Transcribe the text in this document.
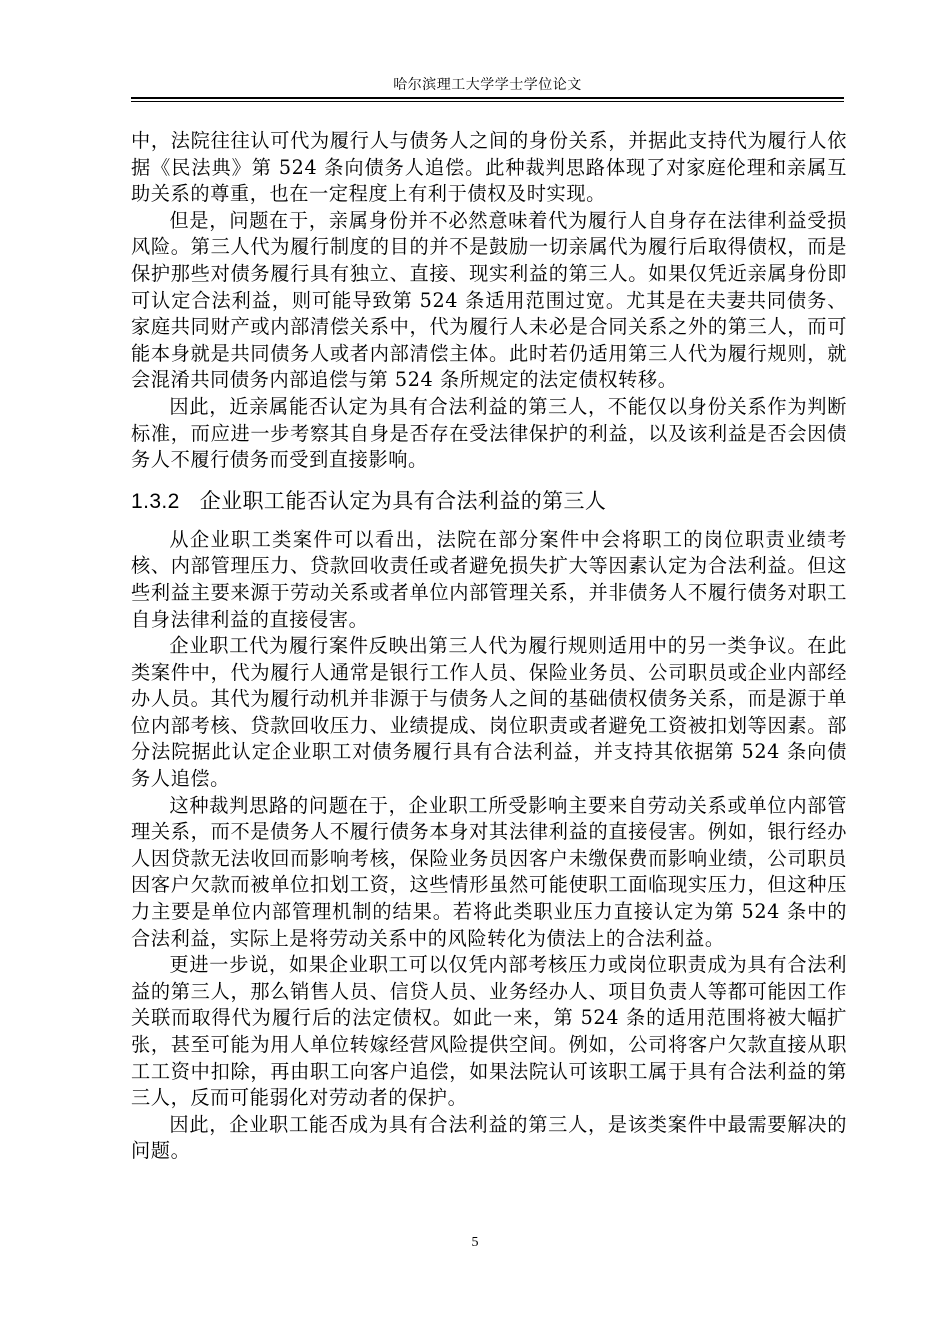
哈尔滨理工大学学士学位论文

中，法院往往认可代为履行人与债务人之间的身份关系，并据此支持代为履行人依据《民法典》第 524 条向债务人追偿。此种裁判思路体现了对家庭伦理和亲属互助关系的尊重，也在一定程度上有利于债权及时实现。

但是，问题在于，亲属身份并不必然意味着代为履行人自身存在法律利益受损风险。第三人代为履行制度的目的并不是鼓励一切亲属代为履行后取得债权，而是保护那些对债务履行具有独立、直接、现实利益的第三人。如果仅凭近亲属身份即可认定合法利益，则可能导致第 524 条适用范围过宽。尤其是在夫妻共同债务、家庭共同财产或内部清偿关系中，代为履行人未必是合同关系之外的第三人，而可能本身就是共同债务人或者内部清偿主体。此时若仍适用第三人代为履行规则，就会混淆共同债务内部追偿与第 524 条所规定的法定债权转移。

因此，近亲属能否认定为具有合法利益的第三人，不能仅以身份关系作为判断标准，而应进一步考察其自身是否存在受法律保护的利益，以及该利益是否会因债务人不履行债务而受到直接影响。

1.3.2 企业职工能否认定为具有合法利益的第三人

从企业职工类案件可以看出，法院在部分案件中会将职工的岗位职责业绩考核、内部管理压力、贷款回收责任或者避免损失扩大等因素认定为合法利益。但这些利益主要来源于劳动关系或者单位内部管理关系，并非债务人不履行债务对职工自身法律利益的直接侵害。

企业职工代为履行案件反映出第三人代为履行规则适用中的另一类争议。在此类案件中，代为履行人通常是银行工作人员、保险业务员、公司职员或企业内部经办人员。其代为履行动机并非源于与债务人之间的基础债权债务关系，而是源于单位内部考核、贷款回收压力、业绩提成、岗位职责或者避免工资被扣划等因素。部分法院据此认定企业职工对债务履行具有合法利益，并支持其依据第 524 条向债务人追偿。

这种裁判思路的问题在于，企业职工所受影响主要来自劳动关系或单位内部管理关系，而不是债务人不履行债务本身对其法律利益的直接侵害。例如，银行经办人因贷款无法收回而影响考核，保险业务员因客户未缴保费而影响业绩，公司职员因客户欠款而被单位扣划工资，这些情形虽然可能使职工面临现实压力，但这种压力主要是单位内部管理机制的结果。若将此类职业压力直接认定为第 524 条中的合法利益，实际上是将劳动关系中的风险转化为债法上的合法利益。

更进一步说，如果企业职工可以仅凭内部考核压力或岗位职责成为具有合法利益的第三人，那么销售人员、信贷人员、业务经办人、项目负责人等都可能因工作关联而取得代为履行后的法定债权。如此一来，第 524 条的适用范围将被大幅扩张，甚至可能为用人单位转嫁经营风险提供空间。例如，公司将客户欠款直接从职工工资中扣除，再由职工向客户追偿，如果法院认可该职工属于具有合法利益的第三人，反而可能弱化对劳动者的保护。

因此，企业职工能否成为具有合法利益的第三人，是该类案件中最需要解决的问题。

5
